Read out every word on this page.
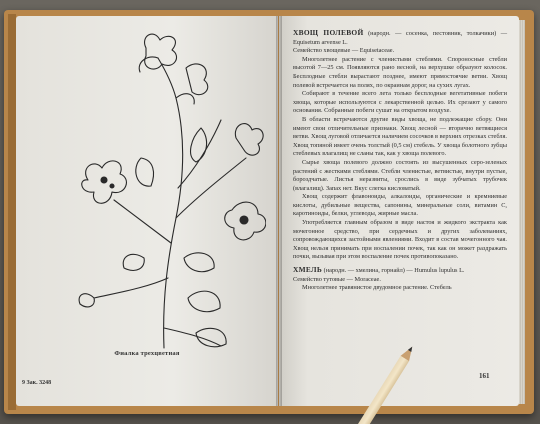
Фиалка трехцветная
9 Зак. 3248

ХВОЩ ПОЛЕВОЙ (народн. — сосенка, пестовник, толкачики) — Equisetum arvense L.

Семейство хвощевые — Equisetaceae.

Многолетнее растение с членистыми стеблями. Спороносные стебли высотой 7—25 см. Появляются рано весной, на верхушке образуют колосок. Бесплодные стебли вырастают позднее, имеют прямостоячие ветви. Хвощ полевой встречается на полях, по окраинам дорог, на сухих лугах.

Собирают в течение всего лета только бесплодные вегетативные побеги хвоща, которые используются с лекарственной целью. Их срезают у самого основания. Собранные побеги сушат на открытом воздухе.

В области встречаются другие виды хвоща, не подлежащие сбору. Они имеют свои отличительные признаки. Хвощ лесной — вторично ветвящиеся ветви. Хвощ луговой отличается наличием сосочков в верхних отрезках стебля. Хвощ топяной имеет очень толстый (0,5 см) стебель. У хвоща болотного зубцы стеблевых влагалищ не сланы так, как у хвоща полевого.

Сырье хвоща полевого должно состоять из высушенных серо-зеленых растений с жесткими стеблями. Стебли членистые, ветвистые, внутри пустые, бороздчатые. Листья неразвиты, срослись в виде зубчатых трубочек (влагалищ). Запах нет. Вкус слегка кисловатый.

Хвощ содержит флавоноиды, алкалоиды, органические и кремниевые кислоты, дубильные вещества, сапонины, минеральные соли, витамин С, каротиноиды, белки, углеводы, жирные масла.

Употребляется главным образом в виде настоя и жидкого экстракта как мочегонное средство, при сердечных и других заболеваниях, сопровождающихся застойными явлениями. Входит в состав мочегонного чая. Хвощ нельзя принимать при воспалении почек, так как он может раздражать почки, вызывая при этом воспаление почек противопоказано.

ХМЕЛЬ (народн. — хмелина, горнайл) — Humulus lupulus L.

Семейство тутовые — Moraceae.

Многолетнее травянистое двудомное растение. Стебель

161
